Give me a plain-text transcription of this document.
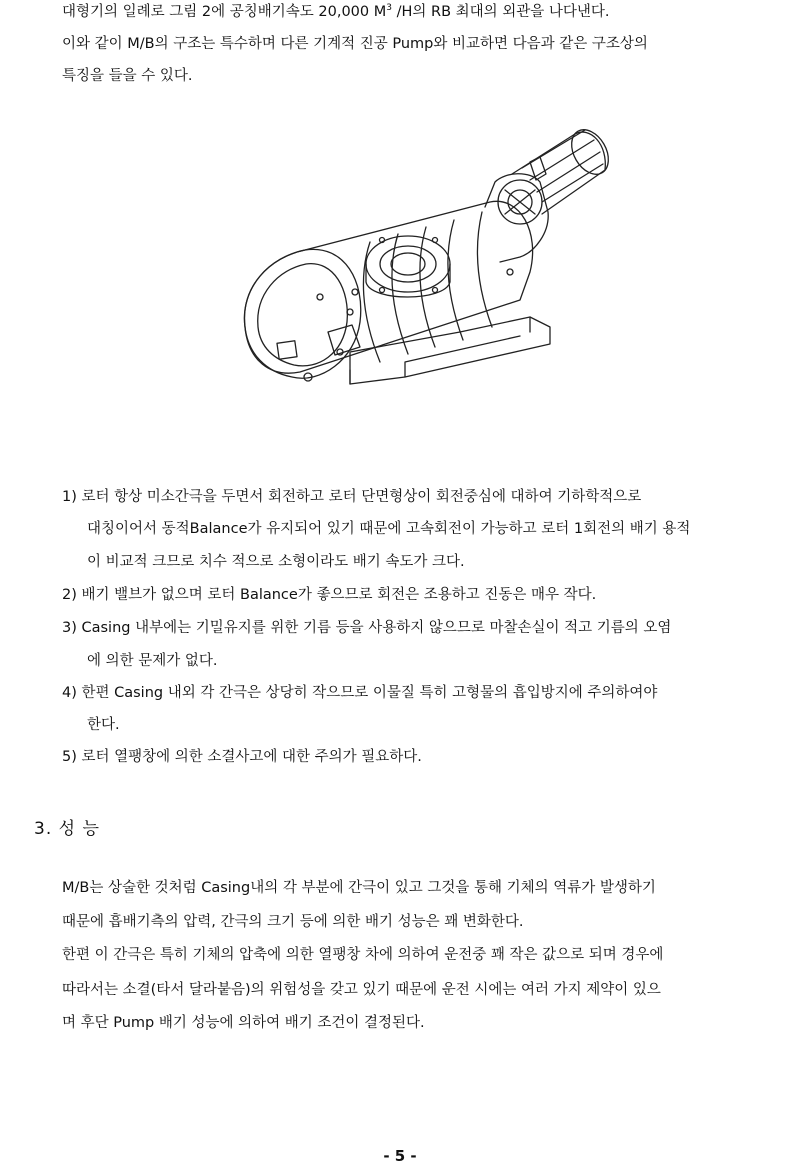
대형기의 일례로 그림 2에 공칭배기속도 20,000 $M^3$ /H의 RB 최대의 외관을 나다낸다.
이와 같이 M/B의 구조는 특수하며 다른 기계적 진공 Pump와 비교하면 다음과 같은 구조상의
특징을 들을 수 있다.
1) 로터 항상 미소간극을 두면서 회전하고 로터 단면형상이 회전중심에 대하여 기하학적으로
대칭이어서 동적Balance가 유지되어 있기 때문에 고속회전이 가능하고 로터 1회전의 배기 용적
이 비교적 크므로 치수 적으로 소형이라도 배기 속도가 크다.
2) 배기 밸브가 없으며 로터 Balance가 좋으므로 회전은 조용하고 진동은 매우 작다.
3) Casing 내부에는 기밀유지를 위한 기름 등을 사용하지 않으므로 마찰손실이 적고 기름의 오염
에 의한 문제가 없다.
4) 한편 Casing 내외 각 간극은 상당히 작으므로 이물질 특히 고형물의 흡입방지에 주의하여야
한다.
5) 로터 열팽창에 의한 소결사고에 대한 주의가 필요하다.
3. 성 능
M/B는 상술한 것처럼 Casing내의 각 부분에 간극이 있고 그것을 통해 기체의 역류가 발생하기
때문에 흡배기측의 압력, 간극의 크기 등에 의한 배기 성능은 꽤 변화한다.
한편 이 간극은 특히 기체의 압축에 의한 열팽창 차에 의하여 운전중 꽤 작은 값으로 되며 경우에
따라서는 소결(타서 달라붙음)의 위험성을 갖고 있기 때문에 운전 시에는 여러 가지 제약이 있으
며 후단 Pump 배기 성능에 의하여 배기 조건이 결정된다.
- 5 -
